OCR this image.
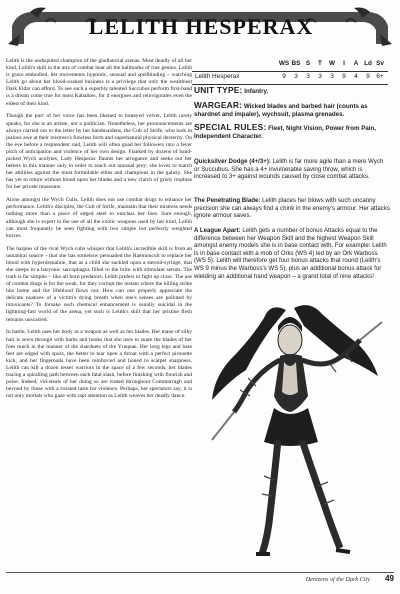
LELITH HESPERAX

Lelith is the undisputed champion of the gladiatorial arenas. Most deadly of all her kind, Lelith's skill in the arts of combat bear all the hallmarks of true genius. Lelith is grace embodied, her movements hypnotic, sensual and spellbinding – watching Lelith go about her blood-soaked business is a privilege that only the wealthiest Dark Eldar can afford. To see such a superbly talented Succubus perform first-hand is a dream come true for most Kabalites, for it energises and reinvigorates even the eldest of their kind.

Though the purr of her voice has been likened to honeyed velvet, Lelith rarely speaks, for she is an artiste, not a politician. Nonetheless, her pronouncements are always carried out to the letter by her handmaidens, the Cult of Strife, who look in jealous awe at their mistress's flawless form and supernatural physical dexterity. On the eve before a resplendent raid, Lelith will often goad her followers into a fever pitch of anticipation and violence of her own design. Flanked by dozens of hand-picked Wych acolytes, Lady Hesperax flaunts her arrogance and seeks out her betters in this manner only in order to reach out unusual prey; she loves to match her abilities against the most formidable elites and champions in the galaxy. She has yet to return without blood upon her blades and a new clutch of grisly trophies for her private museums.

Alone amongst the Wych Cults, Lelith does not use combat drugs to enhance her performance. Lelith's disciples, the Cult of Strife, maintain that their mistress needs nothing more than a piece of edged steel to outclass her foes. Sure enough, although she is expert in the use of all the exotic weapons used by her kind, Lelith can most frequently be seen fighting with two simple but perfectly weighted knives.

The harpies of the rival Wych cults whisper that Lelith's incredible skill is from an unnatural source – that she has somehow persuaded the Haemonculi to replace her blood with hyperdrenaline, that as a child she suckled upon a steroid-syringe, that she sleeps in a baryonic sarcophagus filled to the brim with stimulant serum. The truth is far simpler – like all born predators, Lelith prefers to fight up close. The use of combat drugs is for the weak, for they corrupt the instant where the killing strike hits home and the lifeblood flows out. How can one properly appreciate the delicate nuances of a victim's dying breath when one's senses are polluted by intoxicants? To forsake such chemical enhancement is usually suicidal in the lightning-fast world of the arena, yet such is Lelith's skill that her pristine flesh remains unscarred.

In battle, Lelith uses her body as a weapon as well as her blades. Her mane of silky hair is sewn through with barbs and hooks that she uses to snare the blades of her foes much in the manner of the shardnets of the Yraqnae. Her long legs and bare feet are edged with spurs, the better to tear open a throat with a perfect pirouette kick, and her fingernails have been reinforced and honed to scalpel sharpness. Lelith can kill a dozen lesser warriors in the space of a few seconds, her blades tracing a spiralling path between each fatal slash, before finishing with flourish and poise. Indeed, vid-steals of her doing so are traded throughout Commorragh and beyond by those with a twisted taste for violence. Perhaps, her spectators say, it is not only mortals who gaze with rapt attention as Lelith weaves her deadly dance.

WS BS S	T	W	I	A Ld Sv
Lelith Hesperax	9	3	3	3	3	9	4	9	6+
UNIT TYPE: Infantry.
WARGEAR: Wicked blades and barbed hair (counts as shardnet and impaler), wychsuit, plasma grenades.
SPECIAL RULES: Fleet, Night Vision, Power from Pain, Independent Character.
Quicksilver Dodge (4+/3+): Lelith is far more agile than a mere Wych or Succubus. She has a 4+ invulnerable saving throw, which is increased to 3+ against wounds caused by close combat attacks.
The Penetrating Blade: Lelith places her blows with such uncanny precision she can always find a chink in the enemy's armour. Her attacks ignore armour saves.
A League Apart: Lelith gets a number of bonus Attacks equal to the difference between her Weapon Skill and the highest Weapon Skill amongst enemy models she is in base contact with. For example: Lelith is in base contact with a mob of Orks (WS 4) led by an Ork Warboss (WS 5). Lelith will therefore get four bonus attacks that round (Lelith's WS 9 minus the Warboss's WS 5), plus an additional bonus attack for wielding an additional hand weapon – a grand total of nine attacks!
Denizens of the Dark City	49
